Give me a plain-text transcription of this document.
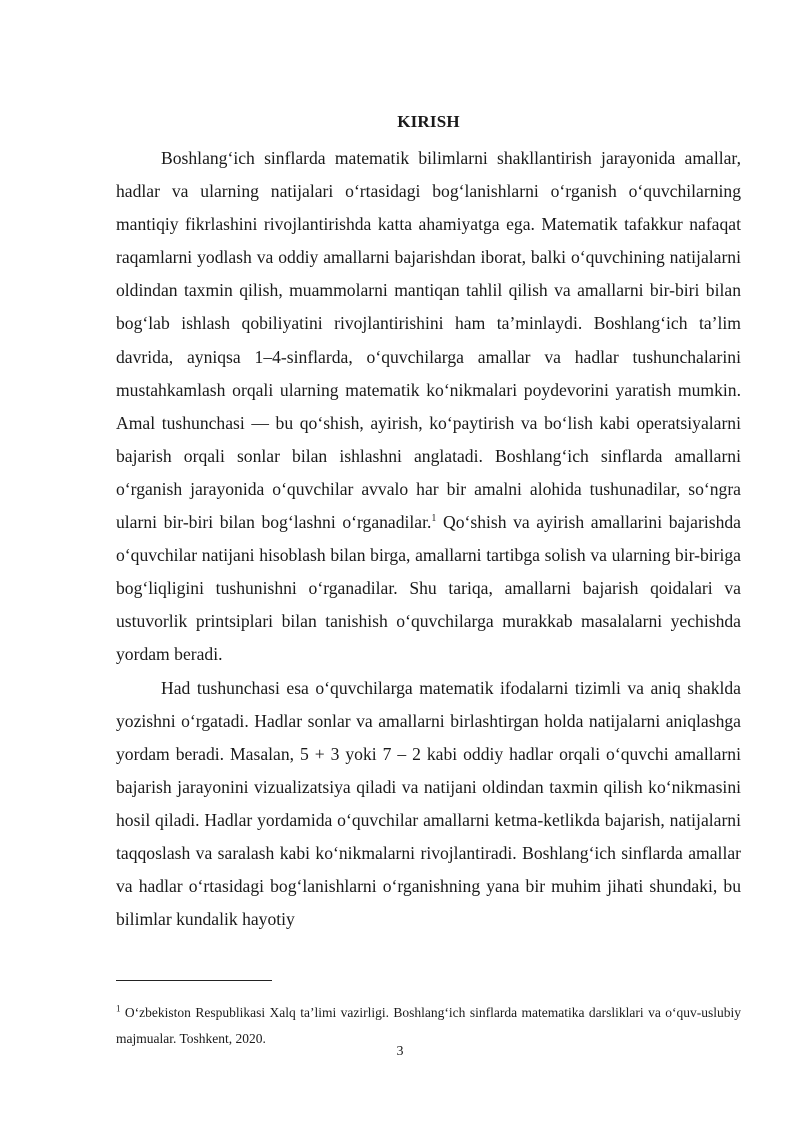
KIRISH

Boshlang‘ich sinflarda matematik bilimlarni shakllantirish jarayonida amallar, hadlar va ularning natijalari o‘rtasidagi bog‘lanishlarni o‘rganish o‘quvchilarning mantiqiy fikrlashini rivojlantirishda katta ahamiyatga ega. Matematik tafakkur nafaqat raqamlarni yodlash va oddiy amallarni bajarishdan iborat, balki o‘quvchining natijalarni oldindan taxmin qilish, muammolarni mantiqan tahlil qilish va amallarni bir-biri bilan bog‘lab ishlash qobiliyatini rivojlantirishini ham ta’minlaydi. Boshlang‘ich ta’lim davrida, ayniqsa 1–4-sinflarda, o‘quvchilarga amallar va hadlar tushunchalarini mustahkamlash orqali ularning matematik ko‘nikmalari poydevorini yaratish mumkin. Amal tushunchasi — bu qo‘shish, ayirish, ko‘paytirish va bo‘lish kabi operatsiyalarni bajarish orqali sonlar bilan ishlashni anglatadi. Boshlang‘ich sinflarda amallarni o‘rganish jarayonida o‘quvchilar avvalo har bir amalni alohida tushunadilar, so‘ngra ularni bir-biri bilan bog‘lashni o‘rganadilar.$^1$ Qo‘shish va ayirish amallarini bajarishda o‘quvchilar natijani hisoblash bilan birga, amallarni tartibga solish va ularning bir-biriga bog‘liqligini tushunishni o‘rganadilar. Shu tariqa, amallarni bajarish qoidalari va ustuvorlik printsiplari bilan tanishish o‘quvchilarga murakkab masalalarni yechishda yordam beradi.

Had tushunchasi esa o‘quvchilarga matematik ifodalarni tizimli va aniq shaklda yozishni o‘rgatadi. Hadlar sonlar va amallarni birlashtirgan holda natijalarni aniqlashga yordam beradi. Masalan, 5 + 3 yoki 7 – 2 kabi oddiy hadlar orqali o‘quvchi amallarni bajarish jarayonini vizualizatsiya qiladi va natijani oldindan taxmin qilish ko‘nikmasini hosil qiladi. Hadlar yordamida o‘quvchilar amallarni ketma-ketlikda bajarish, natijalarni taqqoslash va saralash kabi ko‘nikmalarni rivojlantiradi. Boshlang‘ich sinflarda amallar va hadlar o‘rtasidagi bog‘lanishlarni o‘rganishning yana bir muhim jihati shundaki, bu bilimlar kundalik hayotiy

$^1$ O‘zbekiston Respublikasi Xalq ta’limi vazirligi. Boshlang‘ich sinflarda matematika darsliklari va o‘quv-uslubiy majmualar. Toshkent, 2020.

3
